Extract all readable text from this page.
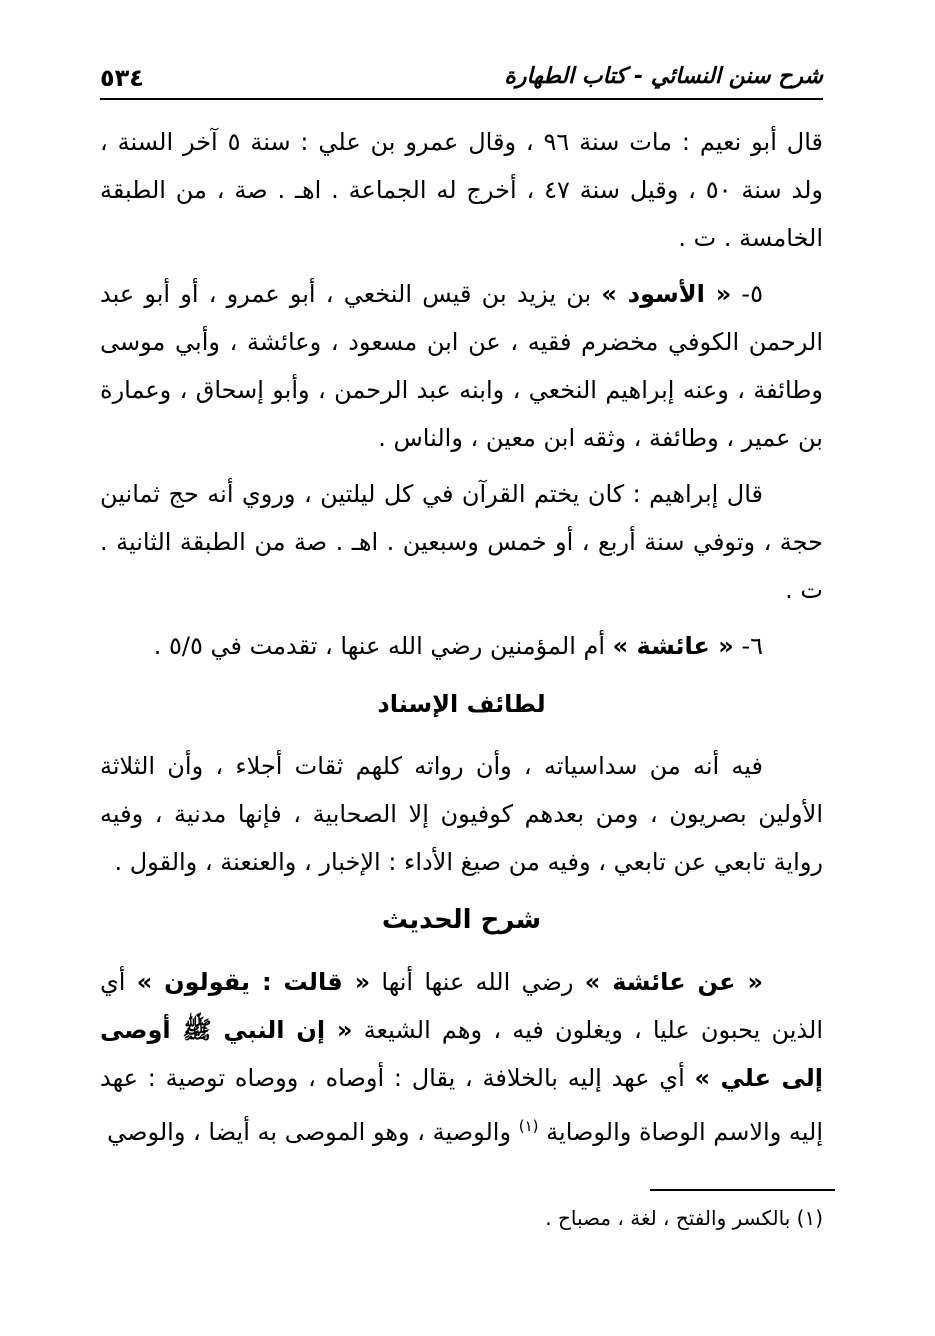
شرح سنن النسائي - كتاب الطهارة
٥٣٤

قال أبو نعيم : مات سنة ٩٦ ، وقال عمرو بن علي : سنة ٥ آخر السنة ، ولد سنة ٥٠ ، وقيل سنة ٤٧ ، أخرج له الجماعة . اهـ . صة ، من الطبقة الخامسة . ت .

٥- « الأسود » بن يزيد بن قيس النخعي ، أبو عمرو ، أو أبو عبد الرحمن الكوفي مخضرم فقيه ، عن ابن مسعود ، وعائشة ، وأبي موسى وطائفة ، وعنه إبراهيم النخعي ، وابنه عبد الرحمن ، وأبو إسحاق ، وعمارة بن عمير ، وطائفة ، وثقه ابن معين ، والناس .

قال إبراهيم : كان يختم القرآن في كل ليلتين ، وروي أنه حج ثمانين حجة ، وتوفي سنة أربع ، أو خمس وسبعين . اهـ . صة من الطبقة الثانية . ت .

٦- « عائشة » أم المؤمنين رضي الله عنها ، تقدمت في ٥/٥ .

لطائف الإسناد

فيه أنه من سداسياته ، وأن رواته كلهم ثقات أجلاء ، وأن الثلاثة الأولين بصريون ، ومن بعدهم كوفيون إلا الصحابية ، فإنها مدنية ، وفيه رواية تابعي عن تابعي ، وفيه من صيغ الأداء : الإخبار ، والعنعنة ، والقول .

شرح الحديث

« عن عائشة » رضي الله عنها أنها « قالت : يقولون » أي الذين يحبون عليا ، ويغلون فيه ، وهم الشيعة « إن النبي ﷺ أوصى إلى علي » أي عهد إليه بالخلافة ، يقال : أوصاه ، ووصاه توصية : عهد إليه والاسم الوصاة والوصاية $^{(١)}$ والوصية ، وهو الموصى به أيضا ، والوصي

(١) بالكسر والفتح ، لغة ، مصباح .
